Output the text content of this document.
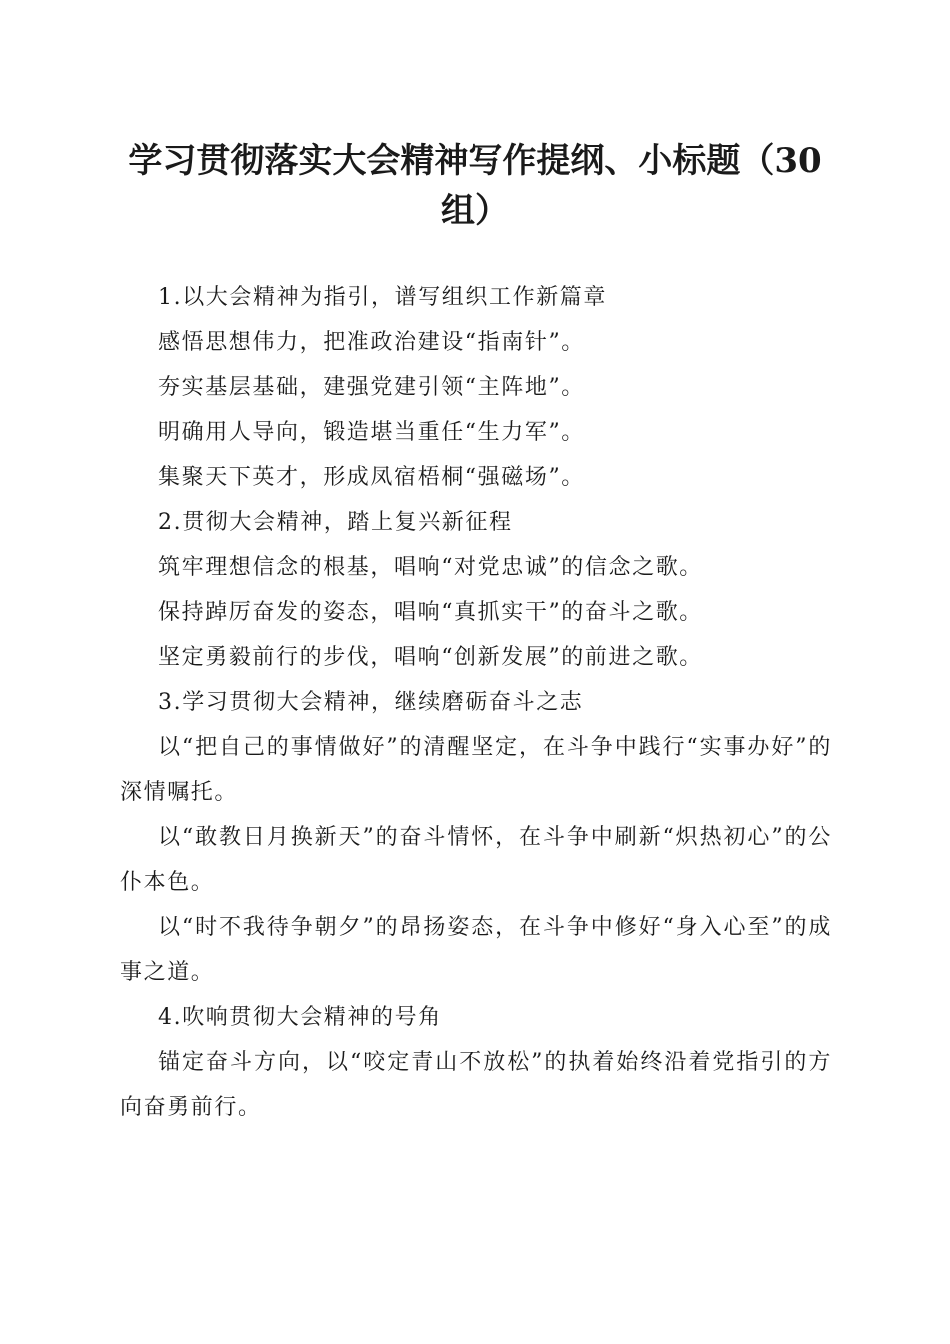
学习贯彻落实大会精神写作提纲、小标题（30组）

1.以大会精神为指引，谱写组织工作新篇章

感悟思想伟力，把准政治建设“指南针”。

夯实基层基础，建强党建引领“主阵地”。

明确用人导向，锻造堪当重任“生力军”。

集聚天下英才，形成凤宿梧桐“强磁场”。

2.贯彻大会精神，踏上复兴新征程

筑牢理想信念的根基，唱响“对党忠诚”的信念之歌。

保持踔厉奋发的姿态，唱响“真抓实干”的奋斗之歌。

坚定勇毅前行的步伐，唱响“创新发展”的前进之歌。

3.学习贯彻大会精神，继续磨砺奋斗之志

以“把自己的事情做好”的清醒坚定，在斗争中践行“实事办好”的深情嘱托。

以“敢教日月换新天”的奋斗情怀，在斗争中刷新“炽热初心”的公仆本色。

以“时不我待争朝夕”的昂扬姿态，在斗争中修好“身入心至”的成事之道。

4.吹响贯彻大会精神的号角

锚定奋斗方向，以“咬定青山不放松”的执着始终沿着党指引的方向奋勇前行。
